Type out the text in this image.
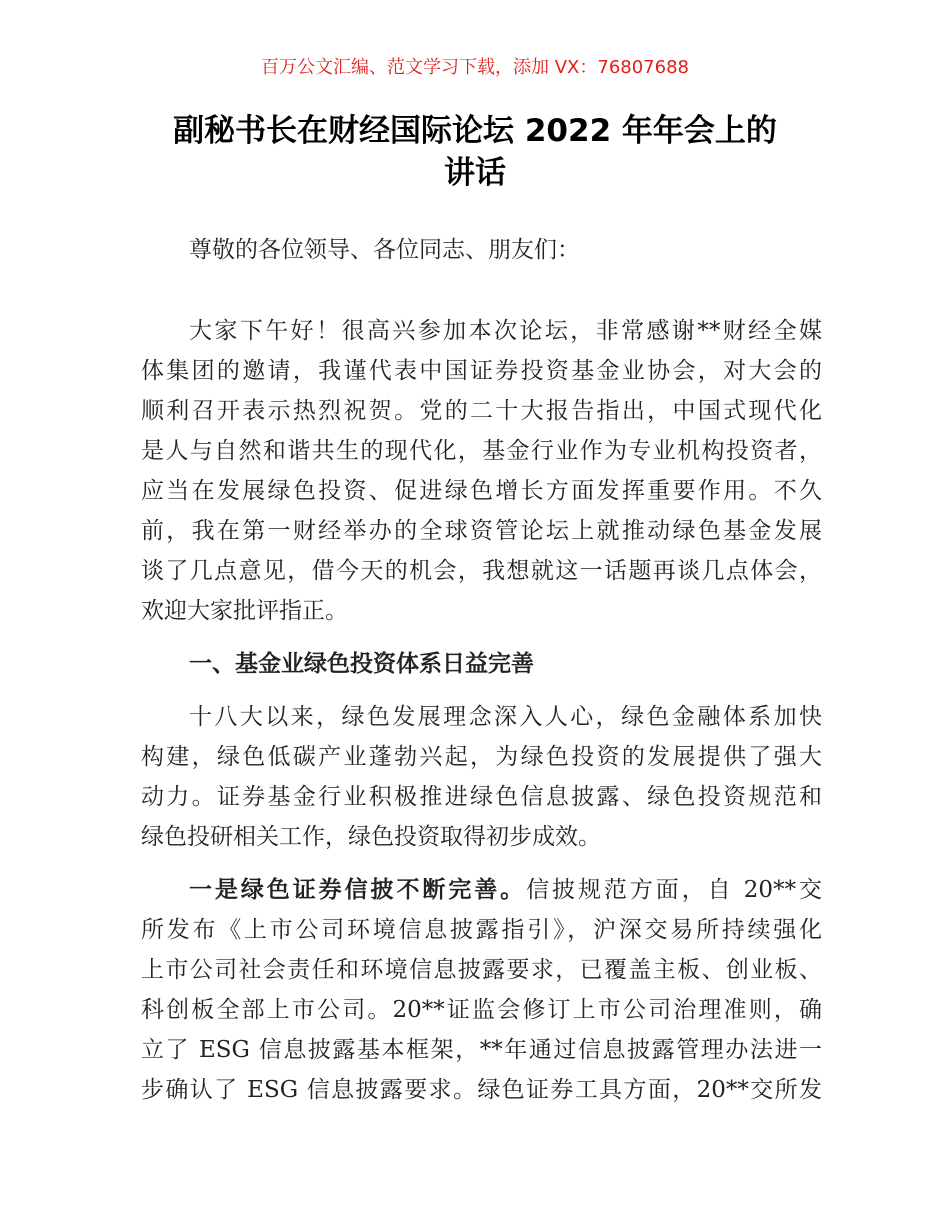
百万公文汇编、范文学习下载，添加 VX：76807688
副秘书长在财经国际论坛 2022 年年会上的
讲话
尊敬的各位领导、各位同志、朋友们：
大家下午好！很高兴参加本次论坛，非常感谢**财经全媒
体集团的邀请，我谨代表中国证券投资基金业协会，对大会的
顺利召开表示热烈祝贺。党的二十大报告指出，中国式现代化
是人与自然和谐共生的现代化，基金行业作为专业机构投资者，
应当在发展绿色投资、促进绿色增长方面发挥重要作用。不久
前，我在第一财经举办的全球资管论坛上就推动绿色基金发展
谈了几点意见，借今天的机会，我想就这一话题再谈几点体会，
欢迎大家批评指正。
一、基金业绿色投资体系日益完善
十八大以来，绿色发展理念深入人心，绿色金融体系加快
构建，绿色低碳产业蓬勃兴起，为绿色投资的发展提供了强大
动力。证券基金行业积极推进绿色信息披露、绿色投资规范和
绿色投研相关工作，绿色投资取得初步成效。
一是绿色证券信披不断完善。信披规范方面，自 20**交
所发布《上市公司环境信息披露指引》，沪深交易所持续强化
上市公司社会责任和环境信息披露要求，已覆盖主板、创业板、
科创板全部上市公司。20**证监会修订上市公司治理准则，确
立了 ESG 信息披露基本框架，**年通过信息披露管理办法进一
步确认了 ESG 信息披露要求。绿色证券工具方面，20**交所发
